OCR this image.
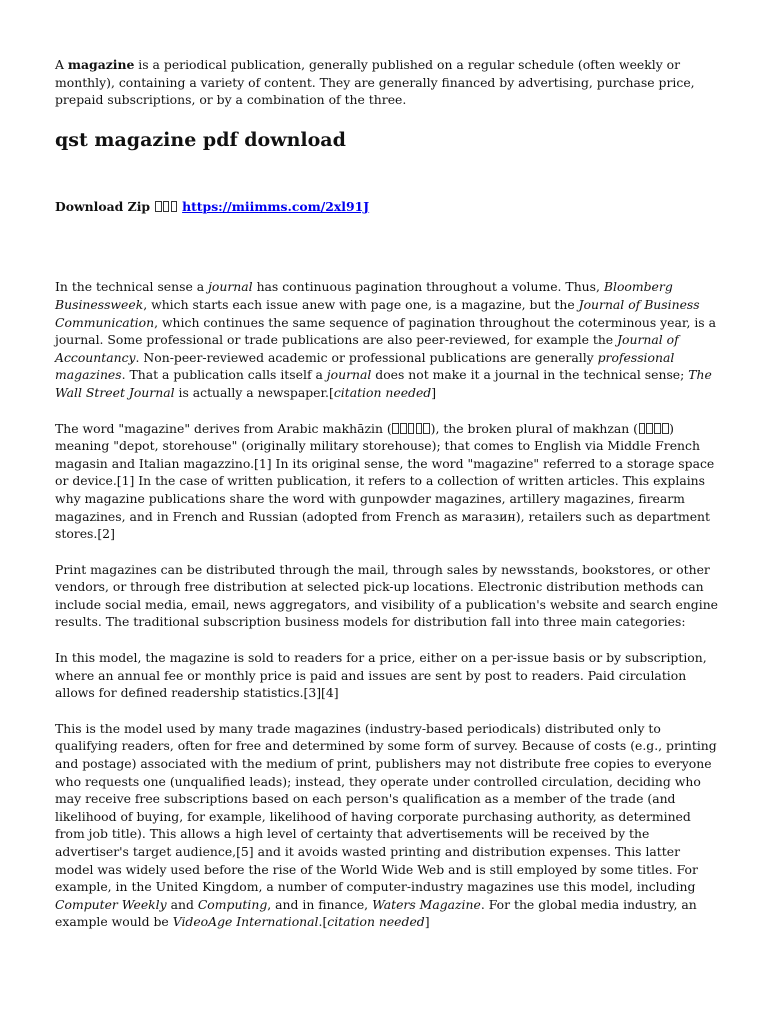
A magazine is a periodical publication, generally published on a regular schedule (often weekly or monthly), containing a variety of content. They are generally financed by advertising, purchase price, prepaid subscriptions, or by a combination of the three.

qst magazine pdf download

Download Zip	https://miimms.com/2xl91J

In the technical sense a journal has continuous pagination throughout a volume. Thus, Bloomberg Businessweek, which starts each issue anew with page one, is a magazine, but the Journal of Business Communication, which continues the same sequence of pagination throughout the coterminous year, is a journal. Some professional or trade publications are also peer-reviewed, for example the Journal of Accountancy. Non-peer-reviewed academic or professional publications are generally professional magazines. That a publication calls itself a journal does not make it a journal in the technical sense; The Wall Street Journal is actually a newspaper.[citation needed]

The word "magazine" derives from Arabic makhāzin (	), the broken plural of makhzan (	) meaning "depot, storehouse" (originally military storehouse); that comes to English via Middle French magasin and Italian magazzino.[1] In its original sense, the word "magazine" referred to a storage space or device.[1] In the case of written publication, it refers to a collection of written articles. This explains why magazine publications share the word with gunpowder magazines, artillery magazines, firearm magazines, and in French and Russian (adopted from French as магазин), retailers such as department stores.[2]

Print magazines can be distributed through the mail, through sales by newsstands, bookstores, or other vendors, or through free distribution at selected pick-up locations. Electronic distribution methods can include social media, email, news aggregators, and visibility of a publication's website and search engine results. The traditional subscription business models for distribution fall into three main categories:

In this model, the magazine is sold to readers for a price, either on a per-issue basis or by subscription, where an annual fee or monthly price is paid and issues are sent by post to readers. Paid circulation allows for defined readership statistics.[3][4]

This is the model used by many trade magazines (industry-based periodicals) distributed only to qualifying readers, often for free and determined by some form of survey. Because of costs (e.g., printing and postage) associated with the medium of print, publishers may not distribute free copies to everyone who requests one (unqualified leads); instead, they operate under controlled circulation, deciding who may receive free subscriptions based on each person's qualification as a member of the trade (and likelihood of buying, for example, likelihood of having corporate purchasing authority, as determined from job title). This allows a high level of certainty that advertisements will be received by the advertiser's target audience,[5] and it avoids wasted printing and distribution expenses. This latter model was widely used before the rise of the World Wide Web and is still employed by some titles. For example, in the United Kingdom, a number of computer-industry magazines use this model, including Computer Weekly and Computing, and in finance, Waters Magazine. For the global media industry, an example would be VideoAge International.[citation needed]
